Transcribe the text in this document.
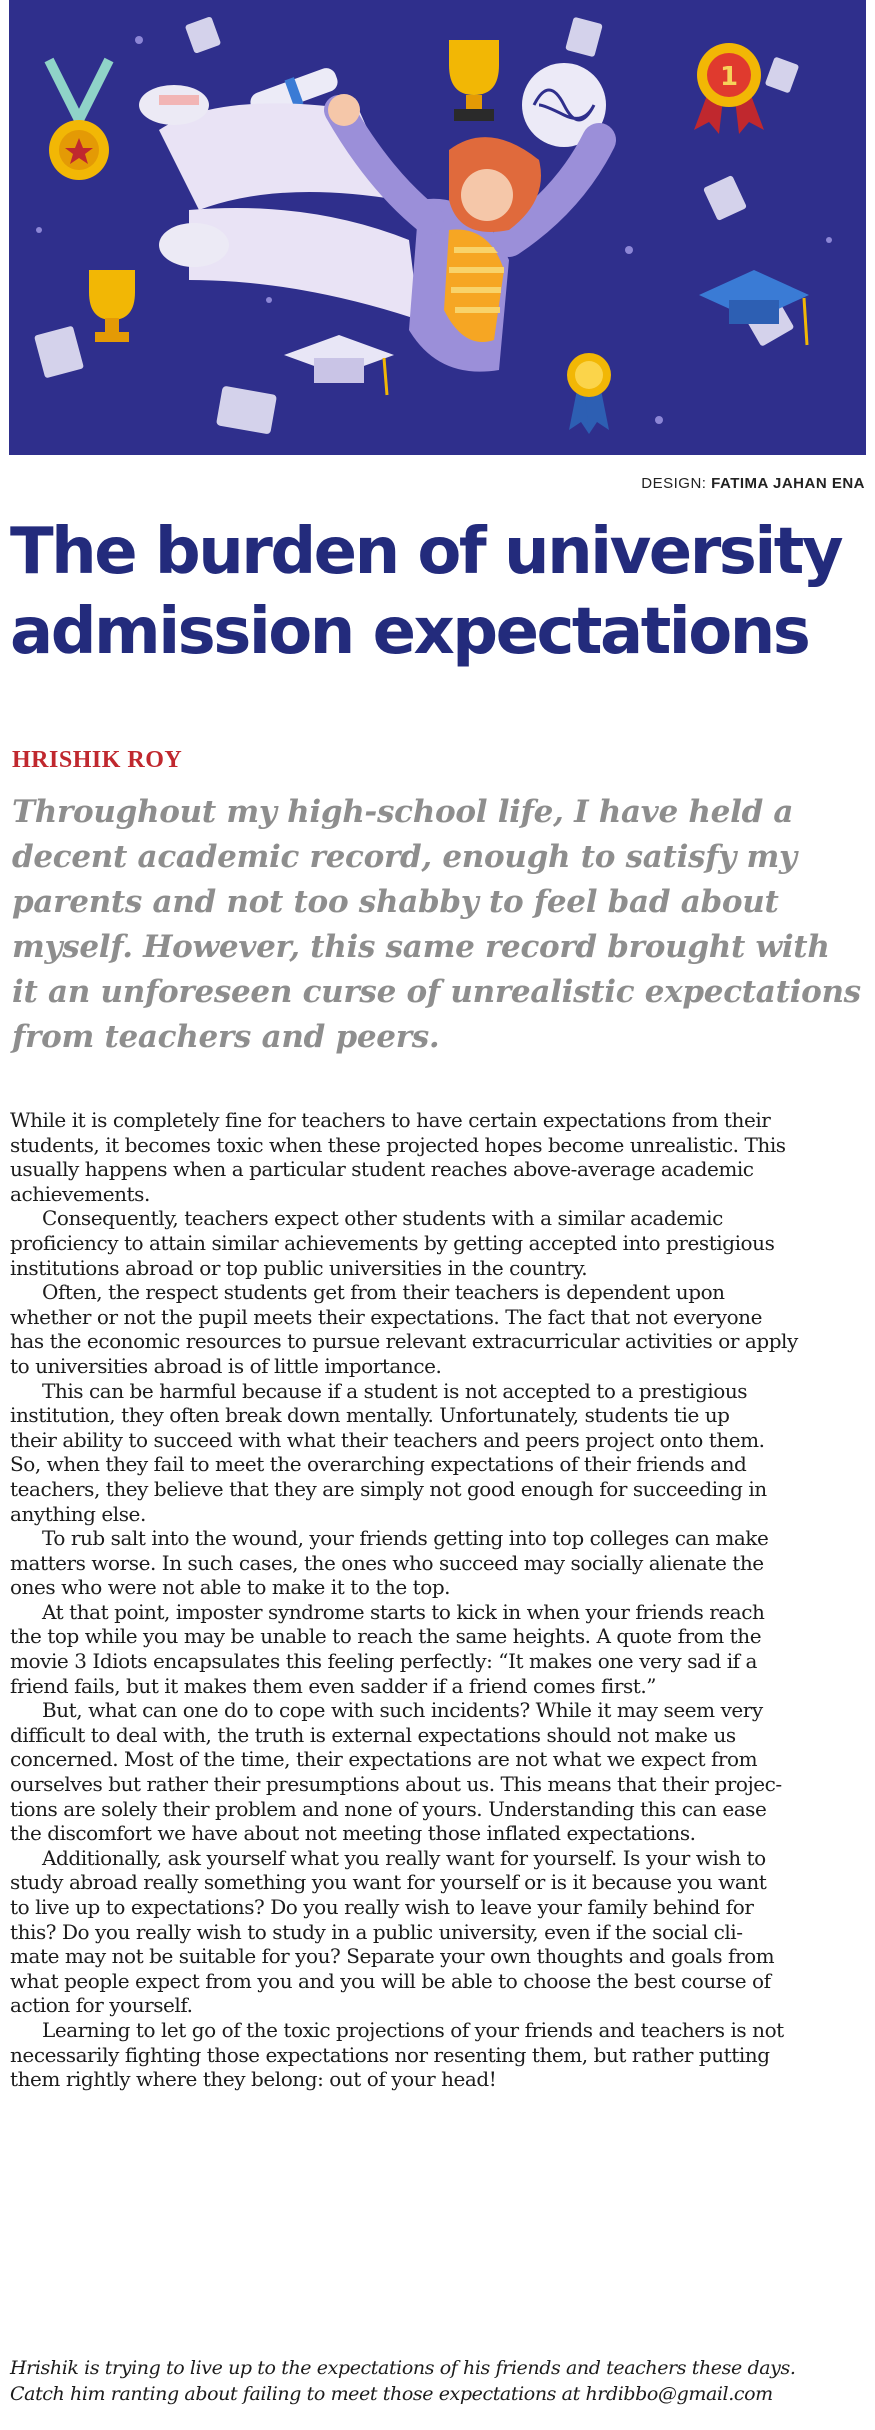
1
DESIGN: FATIMA JAHAN ENA
The burden of university
admission expectations
HRISHIK ROY
Throughout my high-school life, I have held a
decent academic record, enough to satisfy my
parents and not too shabby to feel bad about
myself. However, this same record brought with
it an unforeseen curse of unrealistic expectations
from teachers and peers.
While it is completely fine for teachers to have certain expectations from their
students, it becomes toxic when these projected hopes become unrealistic. This
usually happens when a particular student reaches above-average academic
achievements.
Consequently, teachers expect other students with a similar academic
proficiency to attain similar achievements by getting accepted into prestigious
institutions abroad or top public universities in the country.
Often, the respect students get from their teachers is dependent upon
whether or not the pupil meets their expectations. The fact that not everyone
has the economic resources to pursue relevant extracurricular activities or apply
to universities abroad is of little importance.
This can be harmful because if a student is not accepted to a prestigious
institution, they often break down mentally. Unfortunately, students tie up
their ability to succeed with what their teachers and peers project onto them.
So, when they fail to meet the overarching expectations of their friends and
teachers, they believe that they are simply not good enough for succeeding in
anything else.
To rub salt into the wound, your friends getting into top colleges can make
matters worse. In such cases, the ones who succeed may socially alienate the
ones who were not able to make it to the top.
At that point, imposter syndrome starts to kick in when your friends reach
the top while you may be unable to reach the same heights. A quote from the
movie 3 Idiots encapsulates this feeling perfectly: “It makes one very sad if a
friend fails, but it makes them even sadder if a friend comes first.”
But, what can one do to cope with such incidents? While it may seem very
difficult to deal with, the truth is external expectations should not make us
concerned. Most of the time, their expectations are not what we expect from
ourselves but rather their presumptions about us. This means that their projec-
tions are solely their problem and none of yours. Understanding this can ease
the discomfort we have about not meeting those inflated expectations.
Additionally, ask yourself what you really want for yourself. Is your wish to
study abroad really something you want for yourself or is it because you want
to live up to expectations? Do you really wish to leave your family behind for
this? Do you really wish to study in a public university, even if the social cli-
mate may not be suitable for you? Separate your own thoughts and goals from
what people expect from you and you will be able to choose the best course of
action for yourself.
Learning to let go of the toxic projections of your friends and teachers is not
necessarily fighting those expectations nor resenting them, but rather putting
them rightly where they belong: out of your head!
Hrishik is trying to live up to the expectations of his friends and teachers these days.
Catch him ranting about failing to meet those expectations at hrdibbo@gmail.com
